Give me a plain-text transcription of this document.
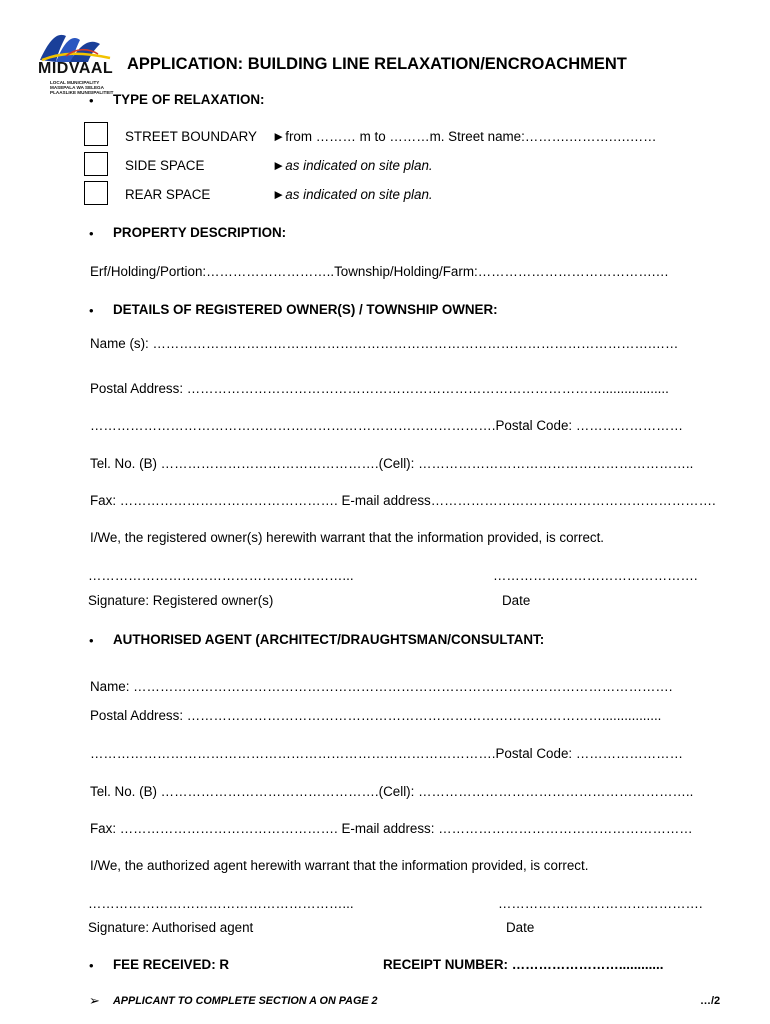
MIDVAAL
LOCAL MUNICIPALITY
MASEPALA WA SELEGA
PLAASLIKE MUNISIPALITEIT
APPLICATION: BUILDING LINE RELAXATION/ENCROACHMENT
• TYPE OF RELAXATION:
STREET BOUNDARY ►from ……… m to ………m. Street name:……….……….….……
SIDE SPACE	►as indicated on site plan.
REAR SPACE	►as indicated on site plan.
• PROPERTY DESCRIPTION:
Erf/Holding/Portion:………………………..Township/Holding/Farm:………………………………….…
• DETAILS OF REGISTERED OWNER(S) / TOWNSHIP OWNER:
Name (s): ………………………………………………………………………………………………….……
Postal Address: …………………………………………………………………………………..................
……………………………………………………………………………….Postal Code: ……………………
Tel. No. (B) ………………………………………….(Cell): ……………………………………………………..
Fax: …………………………………………. E-mail address……………………………………………………….
I/We, the registered owner(s) herewith warrant that the information provided, is correct.
…………………………………………………...	……………………………………….
Signature: Registered owner(s)	Date
• AUTHORISED AGENT (ARCHITECT/DRAUGHTSMAN/CONSULTANT:
Name: ………………………………………………………………………………………………………….
Postal Address: …………………………………………………………………………………................
……………………………………………………………………………….Postal Code: ……………………
Tel. No. (B) ………………………………………….(Cell): ……………………………………………………..
Fax: …………………………………………. E-mail address: …………………………………………………
I/We, the authorized agent herewith warrant that the information provided, is correct.
…………………………………………………...	……………………………………….
Signature: Authorised agent	Date
• FEE RECEIVED: R	RECEIPT NUMBER: ……………………............
➢ APPLICANT TO COMPLETE SECTION A ON PAGE 2	…/2
